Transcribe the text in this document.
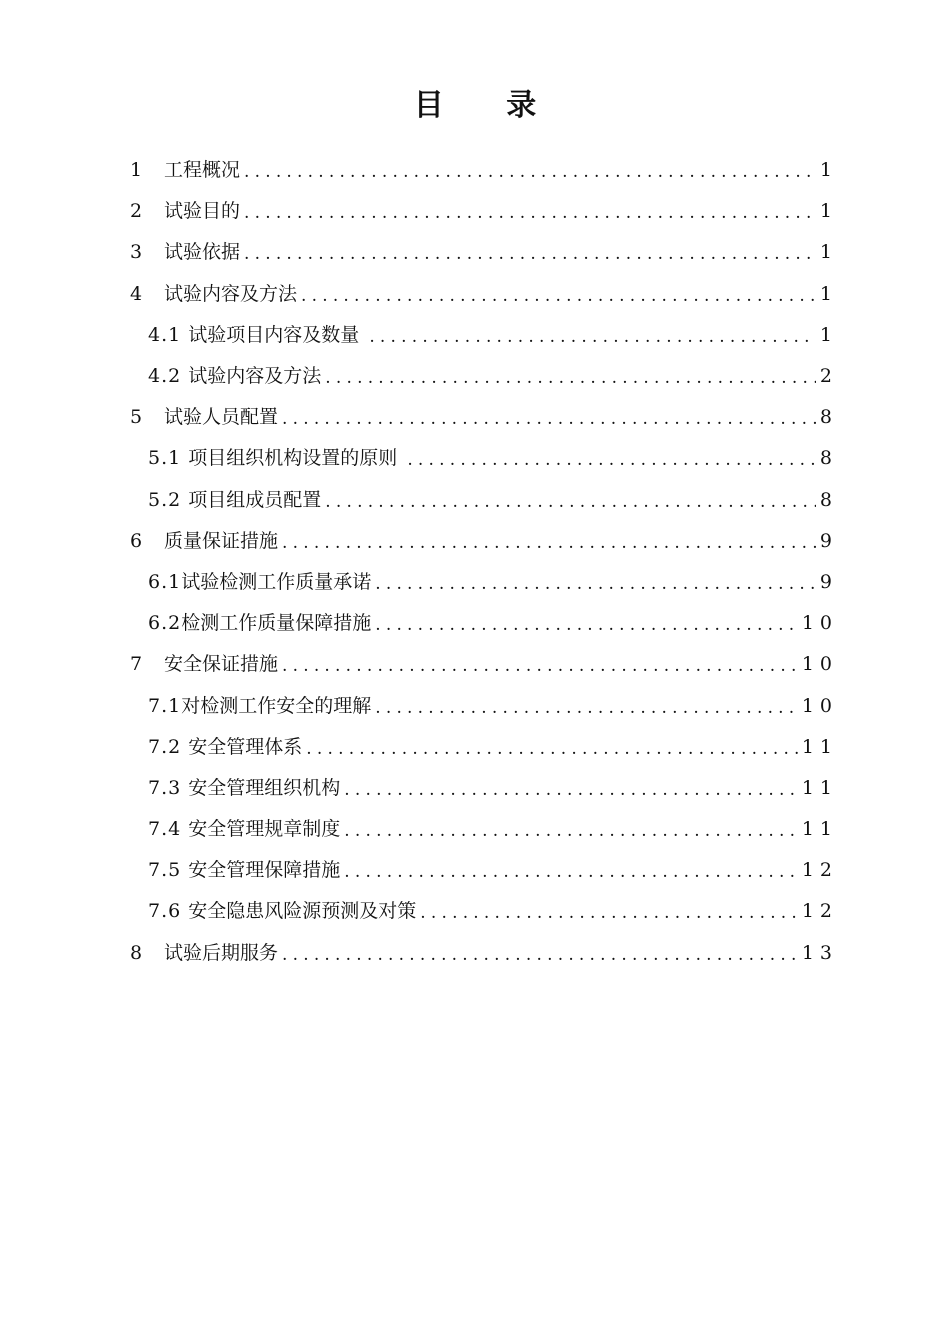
目 录
1	工程概况 .....	1
2	试验目的 .....	1
3	试验依据 .....	1
4	试验内容及方法 .....	1
4.1 试验项目内容及数量 .....	1
4.2 试验内容及方法 .....	2
5	试验人员配置 .....	8
5.1 项目组织机构设置的原则 .....	8
5.2 项目组成员配置 .....	8
6	质量保证措施 .....	9
6.1 试验检测工作质量承诺 .....	9
6.2 检测工作质量保障措施 .....	10
7	安全保证措施 .....	10
7.1 对检测工作安全的理解 .....	10
7.2 安全管理体系 .....	11
7.3 安全管理组织机构 .....	11
7.4 安全管理规章制度 .....	11
7.5 安全管理保障措施 .....	12
7.6 安全隐患风险源预测及对策 .....	12
8	试验后期服务 .....	13
